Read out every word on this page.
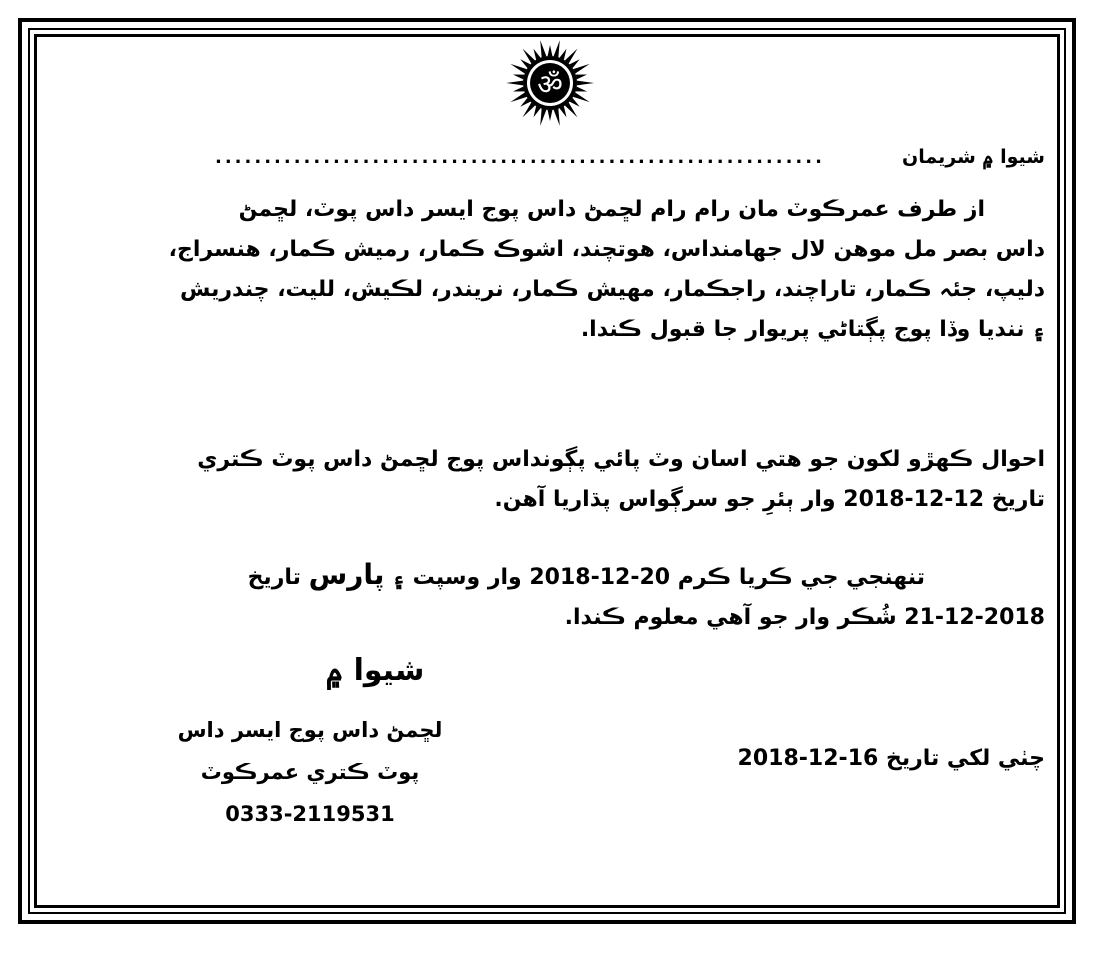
ॐ
شيوا ۾ شريمان
..............................................................
از طرف عمرڪوٽ مان رام رام لڇمڻ داس پوج ايسر داس پوٽ، لڇمڻ
داس بصر مل موهن لال جهامنداس، هوتچند، اشوڪ ڪمار، رميش ڪمار، هنسراج،
دليپ، جئہ ڪمار، تاراچند، راجڪمار، مهيش ڪمار، نريندر، لڪيش، لليت، چندريش
۽ ننديا وڏا پوج پڳتاڻي پريوار جا قبول ڪندا.
احوال ڪهڙو لکون جو هتي اسان وٽ پائي پڳونداس پوج لڇمڻ داس پوٽ ڪتري
تاريخ 12-12-2018 وار ٻئرِ جو سرڳواس پڌاريا آهن.
تنهنجي جي ڪريا ڪرم 20-12-2018 وار وسپت ۽ پارس تاريخ
21-12-2018 شُڪر وار جو آهي معلوم ڪندا.
شيوا ۾
لڇمڻ داس پوج ايسر داس
پوٽ ڪتري عمرڪوٽ
0333-2119531
چٺي لکي تاريخ 16-12-2018
